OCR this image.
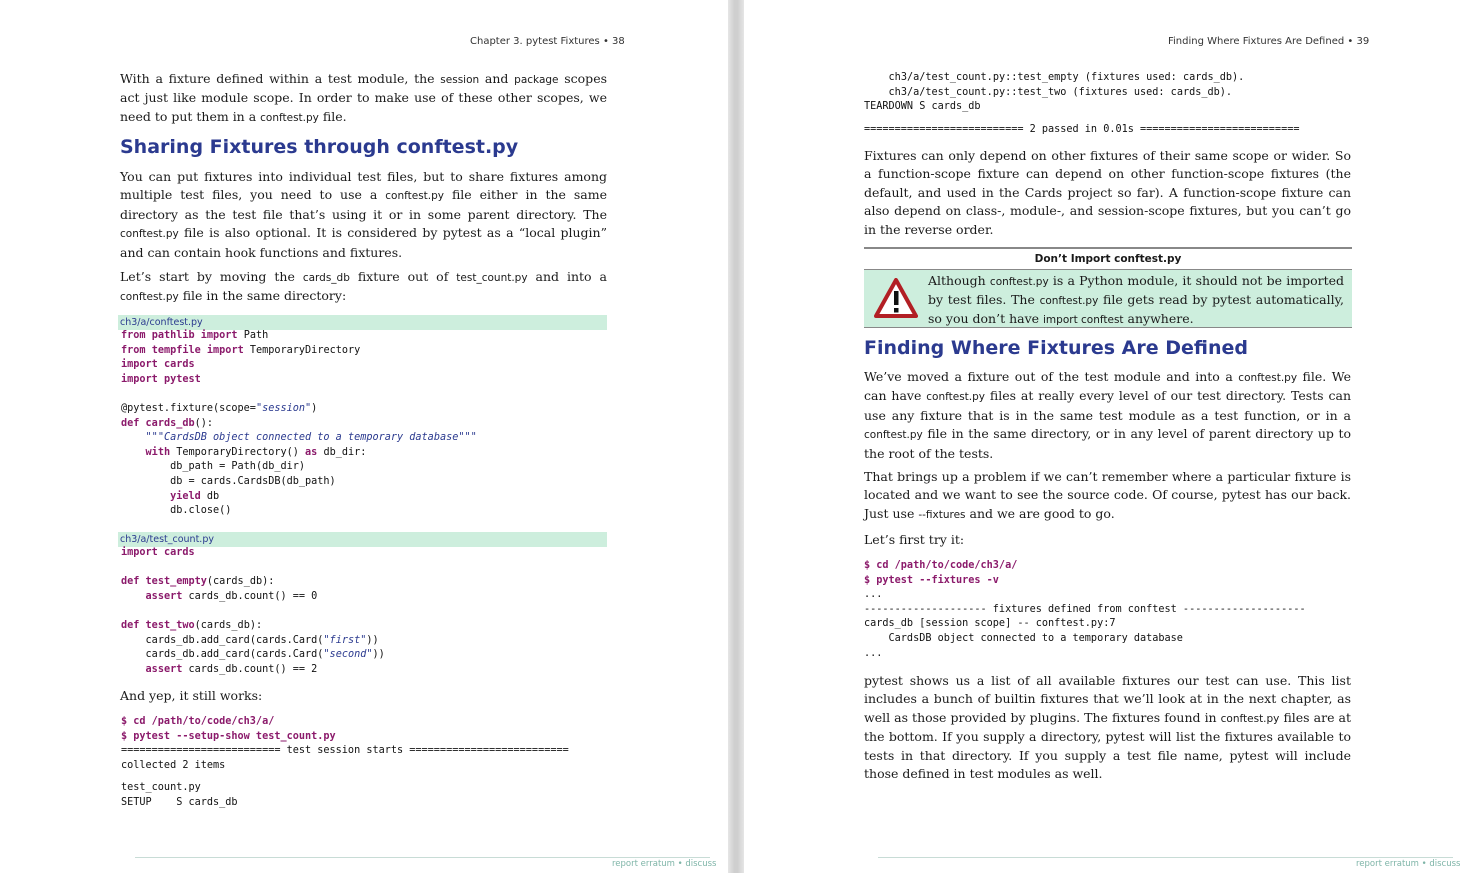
Chapter 3. pytest Fixtures • 38

With a fixture defined within a test module, the session and package scopes act just like module scope. In order to make use of these other scopes, we need to put them in a conftest.py file.

Sharing Fixtures through conftest.py

You can put fixtures into individual test files, but to share fixtures among multiple test files, you need to use a conftest.py file either in the same directory as the test file that’s using it or in some parent directory. The conftest.py file is also optional. It is considered by pytest as a “local plugin” and can contain hook functions and fixtures.

Let’s start by moving the cards_db fixture out of test_count.py and into a conftest.py file in the same directory:

ch3/a/conftest.py
from pathlib import Path
from tempfile import TemporaryDirectory
import cards
import pytest

@pytest.fixture(scope="session")
def cards_db():
"""CardsDB object connected to a temporary database"""
with TemporaryDirectory() as db_dir:
db_path = Path(db_dir)
db = cards.CardsDB(db_path)
yield db
db.close()
ch3/a/test_count.py
import cards

def test_empty(cards_db):
assert cards_db.count() == 0

def test_two(cards_db):
cards_db.add_card(cards.Card("first"))
cards_db.add_card(cards.Card("second"))
assert cards_db.count() == 2

And yep, it still works:

$ cd /path/to/code/ch3/a/
$ pytest --setup-show test_count.py
========================== test session starts ==========================
collected 2 items
test_count.py
SETUP    S cards_db
report erratum • discuss
Finding Where Fixtures Are Defined • 39
ch3/a/test_count.py::test_empty (fixtures used: cards_db).
ch3/a/test_count.py::test_two (fixtures used: cards_db).
TEARDOWN S cards_db
========================== 2 passed in 0.01s ==========================

Fixtures can only depend on other fixtures of their same scope or wider. So a function-scope fixture can depend on other function-scope fixtures (the default, and used in the Cards project so far). A function-scope fixture can also depend on class-, module-, and session-scope fixtures, but you can’t go in the reverse order.

Don’t Import conftest.py

Although conftest.py is a Python module, it should not be imported by test files. The conftest.py file gets read by pytest automatically, so you don’t have import conftest anywhere.

Finding Where Fixtures Are Defined

We’ve moved a fixture out of the test module and into a conftest.py file. We can have conftest.py files at really every level of our test directory. Tests can use any fixture that is in the same test module as a test function, or in a conftest.py file in the same directory, or in any level of parent directory up to the root of the tests.

That brings up a problem if we can’t remember where a particular fixture is located and we want to see the source code. Of course, pytest has our back. Just use --fixtures and we are good to go.

Let’s first try it:

$ cd /path/to/code/ch3/a/
$ pytest --fixtures -v
...
-------------------- fixtures defined from conftest --------------------
cards_db [session scope] -- conftest.py:7
CardsDB object connected to a temporary database
...

pytest shows us a list of all available fixtures our test can use. This list includes a bunch of builtin fixtures that we’ll look at in the next chapter, as well as those provided by plugins. The fixtures found in conftest.py files are at the bottom. If you supply a directory, pytest will list the fixtures available to tests in that directory. If you supply a test file name, pytest will include those defined in test modules as well.

report erratum • discuss
